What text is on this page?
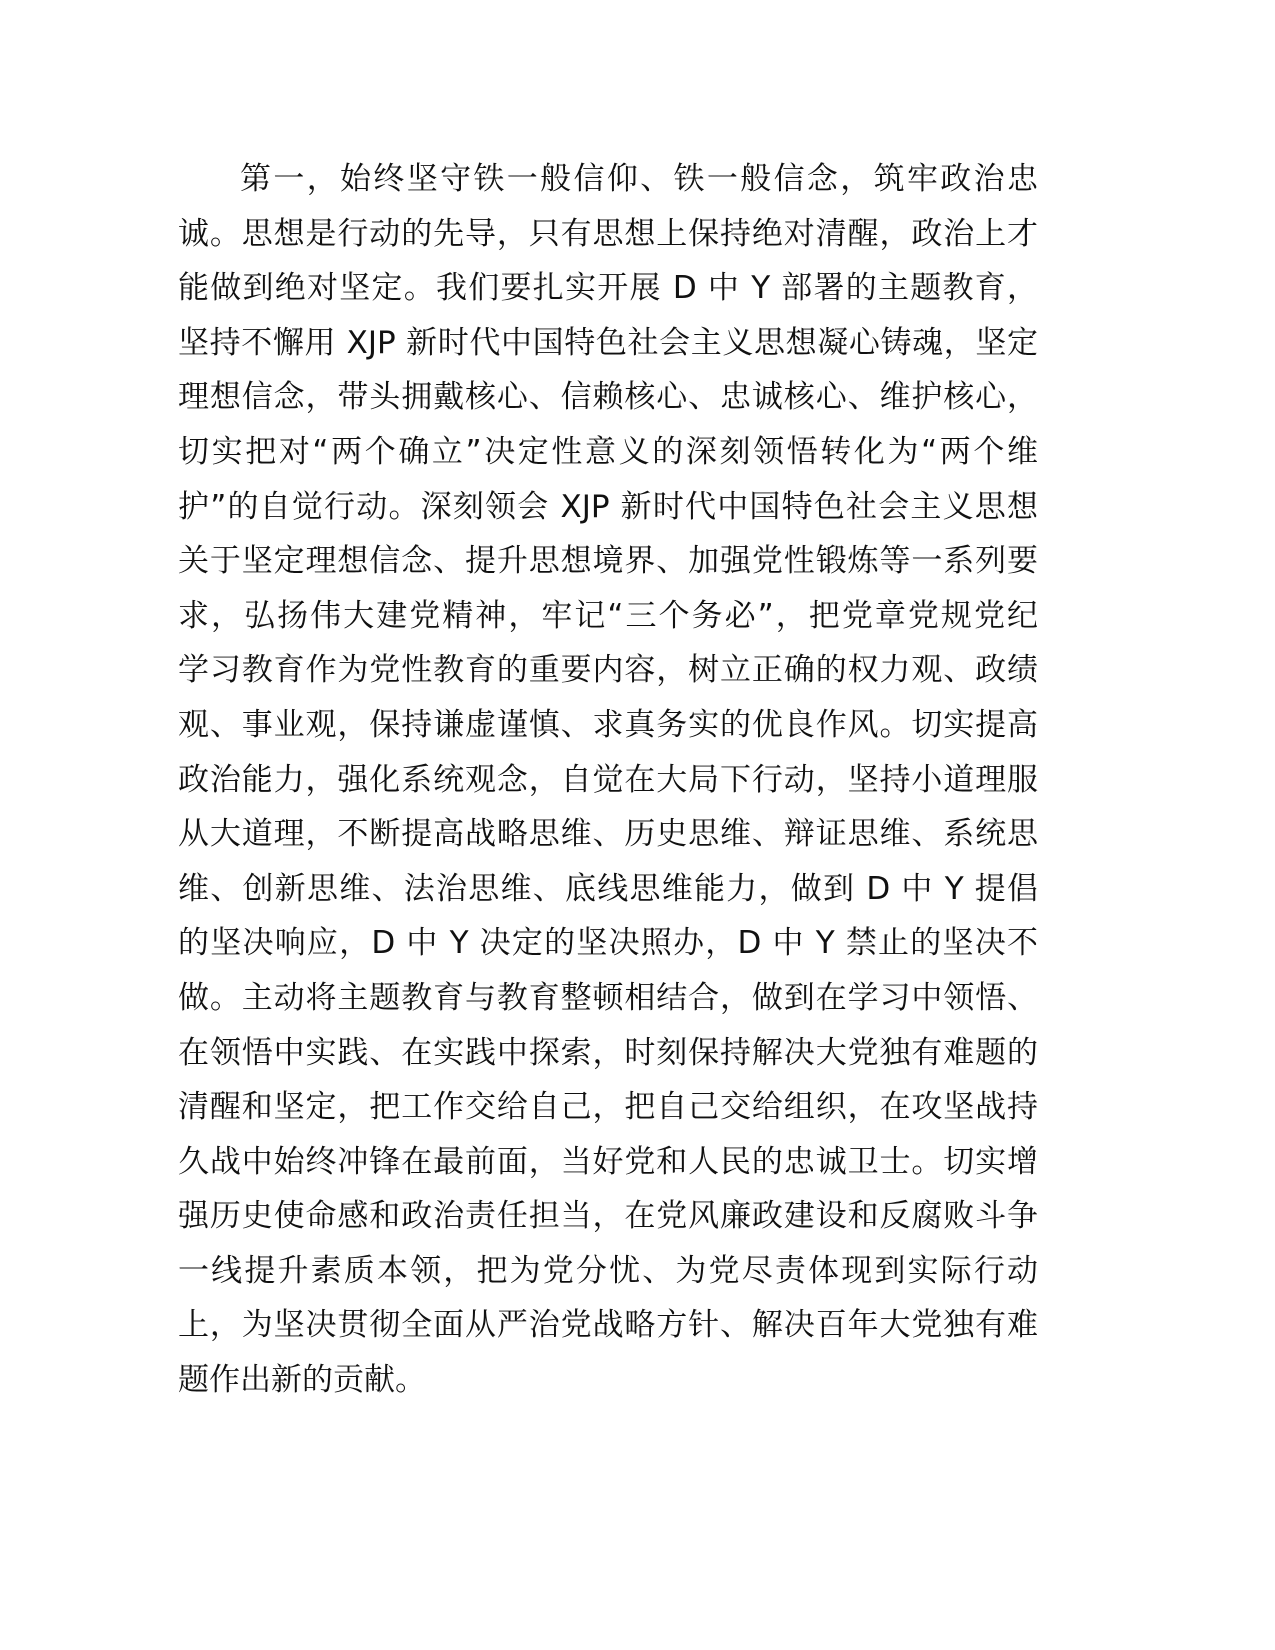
第一，始终坚守铁一般信仰、铁一般信念，筑牢政治忠
诚。思想是行动的先导，只有思想上保持绝对清醒，政治上才
能做到绝对坚定。我们要扎实开展 D 中 Y 部署的主题教育，
坚持不懈用 XJP 新时代中国特色社会主义思想凝心铸魂，坚定
理想信念，带头拥戴核心、信赖核心、忠诚核心、维护核心，
切实把对“两个确立”决定性意义的深刻领悟转化为“两个维
护”的自觉行动。深刻领会 XJP 新时代中国特色社会主义思想
关于坚定理想信念、提升思想境界、加强党性锻炼等一系列要
求，弘扬伟大建党精神，牢记“三个务必”，把党章党规党纪
学习教育作为党性教育的重要内容，树立正确的权力观、政绩
观、事业观，保持谦虚谨慎、求真务实的优良作风。切实提高
政治能力，强化系统观念，自觉在大局下行动，坚持小道理服
从大道理，不断提高战略思维、历史思维、辩证思维、系统思
维、创新思维、法治思维、底线思维能力，做到 D 中 Y 提倡
的坚决响应，D 中 Y 决定的坚决照办，D 中 Y 禁止的坚决不
做。主动将主题教育与教育整顿相结合，做到在学习中领悟、
在领悟中实践、在实践中探索，时刻保持解决大党独有难题的
清醒和坚定，把工作交给自己，把自己交给组织，在攻坚战持
久战中始终冲锋在最前面，当好党和人民的忠诚卫士。切实增
强历史使命感和政治责任担当，在党风廉政建设和反腐败斗争
一线提升素质本领，把为党分忧、为党尽责体现到实际行动
上，为坚决贯彻全面从严治党战略方针、解决百年大党独有难
题作出新的贡献。
